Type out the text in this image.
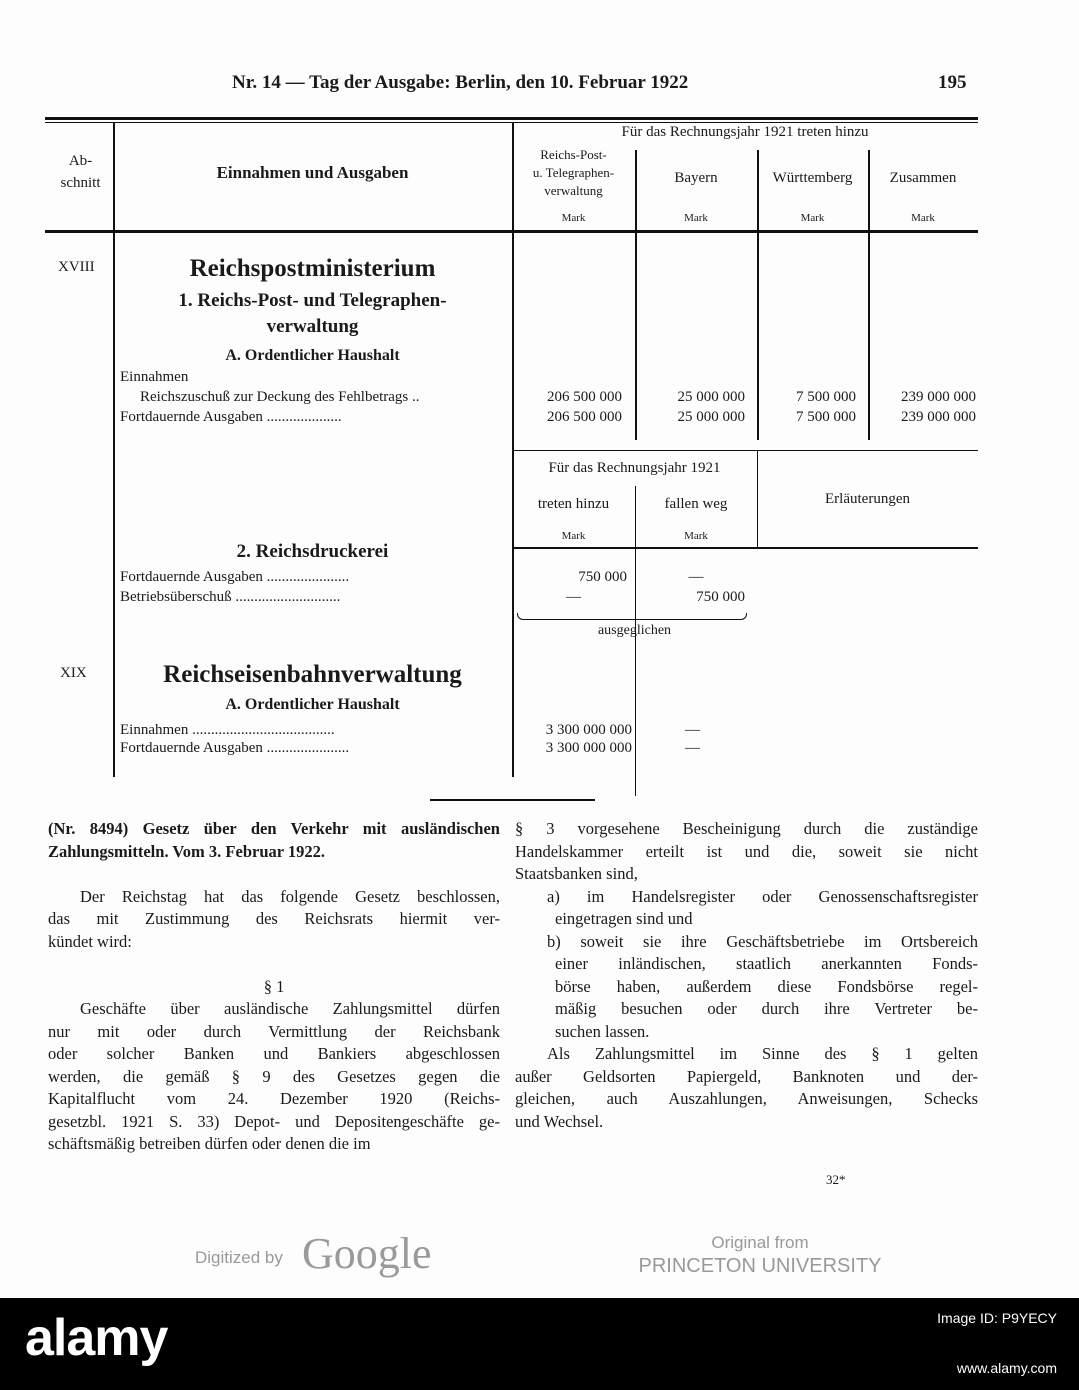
Nr. 14 — Tag der Ausgabe: Berlin, den 10. Februar 1922	195
Ab-
schnitt
Einnahmen und Ausgaben
Für das Rechnungsjahr 1921 treten hinzu
Reichs-Post-
u. Telegraphen-
verwaltung
Bayern	Württemberg	Zusammen
Mark	Mark	Mark	Mark
XVIII	Reichspostministerium
1. Reichs-Post- und Telegraphen-
verwaltung
A. Ordentlicher Haushalt
Einnahmen
Reichszuschuß zur Deckung des Fehlbetrags ..	206 500 000	25 000 000	7 500 000	239 000 000
Fortdauernde Ausgaben ....................	206 500 000	25 000 000	7 500 000	239 000 000
Für das Rechnungsjahr 1921
treten hinzu	fallen weg
Mark	Mark
Erläuterungen
2. Reichsdruckerei
Fortdauernde Ausgaben ......................	750 000	—
Betriebsüberschuß ............................	—	750 000
ausgeglichen
XIX	Reichseisenbahnverwaltung
A. Ordentlicher Haushalt
Einnahmen ......................................	3 300 000 000	—
Fortdauernde Ausgaben ......................	3 300 000 000	—
(Nr. 8494) Gesetz über den Verkehr mit ausländischen
Zahlungsmitteln. Vom 3. Februar 1922.

Der Reichstag hat das folgende Gesetz beschlossen,
das mit Zustimmung des Reichsrats hiermit ver-
kündet wird:

§ 1
Geschäfte über ausländische Zahlungsmittel dürfen
nur mit oder durch Vermittlung der Reichsbank
oder solcher Banken und Bankiers abgeschlossen
werden, die gemäß § 9 des Gesetzes gegen die
Kapitalflucht vom 24. Dezember 1920 (Reichs-
gesetzbl. 1921 S. 33) Depot- und Depositengeschäfte ge-
schäftsmäßig betreiben dürfen oder denen die im
§ 3 vorgesehene Bescheinigung durch die zuständige
Handelskammer erteilt ist und die, soweit sie nicht
Staatsbanken sind,
a) im Handelsregister oder Genossenschaftsregister
eingetragen sind und
b) soweit sie ihre Geschäftsbetriebe im Ortsbereich
einer inländischen, staatlich anerkannten Fonds-
börse haben, außerdem diese Fondsbörse regel-
mäßig besuchen oder durch ihre Vertreter be-
suchen lassen.
Als Zahlungsmittel im Sinne des § 1 gelten
außer Geldsorten Papiergeld, Banknoten und der-
gleichen, auch Auszahlungen, Anweisungen, Schecks
und Wechsel.
32*
Digitized by Google	Original from
PRINCETON UNIVERSITY
alamy	Image ID: P9YECY
www.alamy.com
